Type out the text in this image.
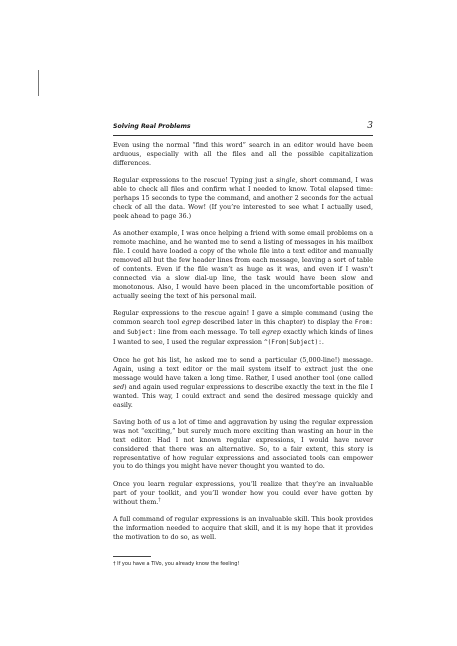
Solving Real Problems	3

Even using the normal “find this word” search in an editor would have been arduous, especially with all the files and all the possible capitalization differences.

Regular expressions to the rescue! Typing just a single, short command, I was able to check all files and confirm what I needed to know. Total elapsed time: perhaps 15 seconds to type the command, and another 2 seconds for the actual check of all the data. Wow! (If you’re interested to see what I actually used, peek ahead to page 36.)

As another example, I was once helping a friend with some email problems on a remote machine, and he wanted me to send a listing of messages in his mailbox file. I could have loaded a copy of the whole file into a text editor and manually removed all but the few header lines from each message, leaving a sort of table of contents. Even if the file wasn’t as huge as it was, and even if I wasn’t connected via a slow dial-up line, the task would have been slow and monotonous. Also, I would have been placed in the uncomfortable position of actually seeing the text of his personal mail.

Regular expressions to the rescue again! I gave a simple command (using the common search tool egrep described later in this chapter) to display the From: and Subject: line from each message. To tell egrep exactly which kinds of lines I wanted to see, I used the regular expression ^(From|Subject):.

Once he got his list, he asked me to send a particular (5,000-line!) message. Again, using a text editor or the mail system itself to extract just the one message would have taken a long time. Rather, I used another tool (one called sed) and again used regular expressions to describe exactly the text in the file I wanted. This way, I could extract and send the desired message quickly and easily.

Saving both of us a lot of time and aggravation by using the regular expression was not “exciting,” but surely much more exciting than wasting an hour in the text editor. Had I not known regular expressions, I would have never considered that there was an alternative. So, to a fair extent, this story is representative of how regular expressions and associated tools can empower you to do things you might have never thought you wanted to do.

Once you learn regular expressions, you’ll realize that they’re an invaluable part of your toolkit, and you’ll wonder how you could ever have gotten by without them.†

A full command of regular expressions is an invaluable skill. This book provides the information needed to acquire that skill, and it is my hope that it provides the motivation to do so, as well.

† If you have a TiVo, you already know the feeling!
